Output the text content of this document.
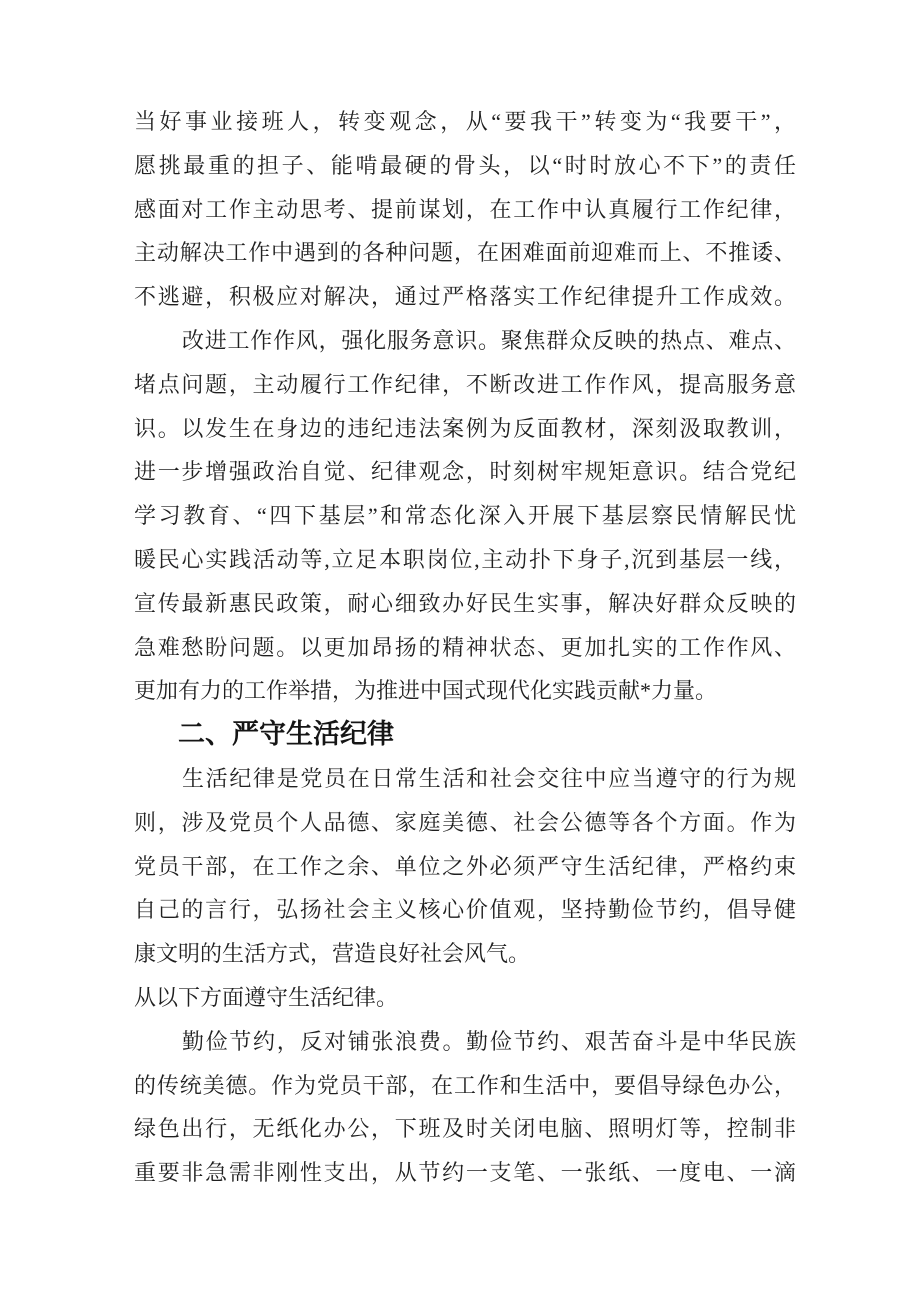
当好事业接班人，转变观念，从“要我干”转变为“我要干”，
愿挑最重的担子、能啃最硬的骨头，以“时时放心不下”的责任
感面对工作主动思考、提前谋划，在工作中认真履行工作纪律，
主动解决工作中遇到的各种问题，在困难面前迎难而上、不推诿、
不逃避，积极应对解决，通过严格落实工作纪律提升工作成效。
改进工作作风，强化服务意识。聚焦群众反映的热点、难点、
堵点问题，主动履行工作纪律，不断改进工作作风，提高服务意
识。以发生在身边的违纪违法案例为反面教材，深刻汲取教训，
进一步增强政治自觉、纪律观念，时刻树牢规矩意识。结合党纪
学习教育、“四下基层”和常态化深入开展下基层察民情解民忧
暖民心实践活动等,立足本职岗位,主动扑下身子,沉到基层一线，
宣传最新惠民政策，耐心细致办好民生实事，解决好群众反映的
急难愁盼问题。以更加昂扬的精神状态、更加扎实的工作作风、
更加有力的工作举措，为推进中国式现代化实践贡献*力量。
二、严守生活纪律
生活纪律是党员在日常生活和社会交往中应当遵守的行为规
则，涉及党员个人品德、家庭美德、社会公德等各个方面。作为
党员干部，在工作之余、单位之外必须严守生活纪律，严格约束
自己的言行，弘扬社会主义核心价值观，坚持勤俭节约，倡导健
康文明的生活方式，营造良好社会风气。
从以下方面遵守生活纪律。
勤俭节约，反对铺张浪费。勤俭节约、艰苦奋斗是中华民族
的传统美德。作为党员干部，在工作和生活中，要倡导绿色办公，
绿色出行，无纸化办公，下班及时关闭电脑、照明灯等，控制非
重要非急需非刚性支出，从节约一支笔、一张纸、一度电、一滴
